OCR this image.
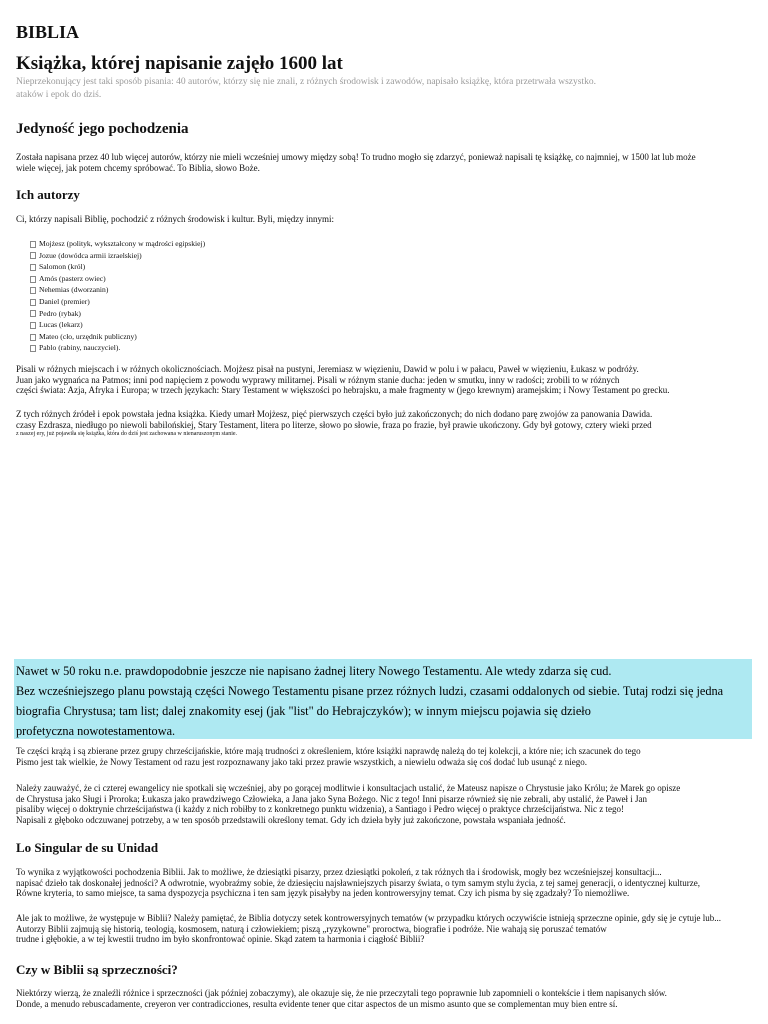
BIBLIA
Książka, której napisanie zajęło 1600 lat
Nieprzekonujący jest taki sposób pisania: 40 autorów, którzy się nie znali, z różnych środowisk i zawodów, napisało książkę, która przetrwała wszystko.
ataków i epok do dziś.
Jedyność jego pochodzenia

Została napisana przez 40 lub więcej autorów, którzy nie mieli wcześniej umowy między sobą! To trudno mogło się zdarzyć, ponieważ napisali tę książkę, co najmniej, w 1500 lat lub może
wiele więcej, jak potem chcemy spróbować. To Biblia, słowo Boże.

Ich autorzy

Ci, którzy napisali Biblię, pochodzić z różnych środowisk i kultur. Byli, między innymi:

Mojżesz (polityk, wykształcony w mądrości egipskiej)
Jozue (dowódca armii izraelskiej)
Salomon (król)
Amós (pasterz owiec)
Nehemias (dworzanin)
Daniel (premier)
Pedro (rybak)
Lucas (lekarz)
Mateo (cło, urzędnik publiczny)
Pablo (rabiny, nauczyciel).

Pisali w różnych miejscach i w różnych okolicznościach. Mojżesz pisał na pustyni, Jeremiasz w więzieniu, Dawid w polu i w pałacu, Paweł w więzieniu, Łukasz w podróży.
Juan jako wygnańca na Patmos; inni pod napięciem z powodu wyprawy militarnej. Pisali w różnym stanie ducha: jeden w smutku, inny w radości; zrobili to w różnych
części świata: Azja, Afryka i Europa; w trzech językach: Stary Testament w większości po hebrajsku, a małe fragmenty w (jego krewnym) aramejskim; i Nowy Testament po grecku.

Z tych różnych źródeł i epok powstała jedna książka. Kiedy umarł Mojżesz, pięć pierwszych części było już zakończonych; do nich dodano parę zwojów za panowania Dawida.
czasy Ezdrasza, niedługo po niewoli babilońskiej, Stary Testament, litera po literze, słowo po słowie, fraza po frazie, był prawie ukończony. Gdy był gotowy, cztery wieki przed
z naszej ery, już pojawiła się książka, która do dziś jest zachowana w nienaruszonym stanie.

Nawet w 50 roku n.e. prawdopodobnie jeszcze nie napisano żadnej litery Nowego Testamentu. Ale wtedy zdarza się cud.
Bez wcześniejszego planu powstają części Nowego Testamentu pisane przez różnych ludzi, czasami oddalonych od siebie. Tutaj rodzi się jedna
biografia Chrystusa; tam list; dalej znakomity esej (jak "list" do Hebrajczyków); w innym miejscu pojawia się dzieło
profetyczna nowotestamentowa.

Te części krążą i są zbierane przez grupy chrześcijańskie, które mają trudności z określeniem, które książki naprawdę należą do tej kolekcji, a które nie; ich szacunek do tego
Pismo jest tak wielkie, że Nowy Testament od razu jest rozpoznawany jako taki przez prawie wszystkich, a niewielu odważa się coś dodać lub usunąć z niego.

Należy zauważyć, że ci czterej ewangelicy nie spotkali się wcześniej, aby po gorącej modlitwie i konsultacjach ustalić, że Mateusz napisze o Chrystusie jako Królu; że Marek go opisze
de Chrystusa jako Sługi i Proroka; Łukasza jako prawdziwego Człowieka, a Jana jako Syna Bożego. Nic z tego! Inni pisarze również się nie zebrali, aby ustalić, że Paweł i Jan
pisaliby więcej o doktrynie chrześcijaństwa (i każdy z nich robiłby to z konkretnego punktu widzenia), a Santiago i Pedro więcej o praktyce chrześcijaństwa. Nic z tego!
Napisali z głęboko odczuwanej potrzeby, a w ten sposób przedstawili określony temat. Gdy ich dzieła były już zakończone, powstała wspaniała jedność.

Lo Singular de su Unidad

To wynika z wyjątkowości pochodzenia Biblii. Jak to możliwe, że dziesiątki pisarzy, przez dziesiątki pokoleń, z tak różnych tła i środowisk, mogły bez wcześniejszej konsultacji...
napisać dzieło tak doskonałej jedności? A odwrotnie, wyobraźmy sobie, że dziesięciu najsławniejszych pisarzy świata, o tym samym stylu życia, z tej samej generacji, o identycznej kulturze,
Równe kryteria, to samo miejsce, ta sama dyspozycja psychiczna i ten sam język pisałyby na jeden kontrowersyjny temat. Czy ich pisma by się zgadzały? To niemożliwe.

Ale jak to możliwe, że występuje w Biblii? Należy pamiętać, że Biblia dotyczy setek kontrowersyjnych tematów (w przypadku których oczywiście istnieją sprzeczne opinie, gdy się je cytuje lub...
Autorzy Biblii zajmują się historią, teologią, kosmosem, naturą i człowiekiem; piszą „ryzykowne" proroctwa, biografie i podróże. Nie wahają się poruszać tematów
trudne i głębokie, a w tej kwestii trudno im było skonfrontować opinie. Skąd zatem ta harmonia i ciągłość Biblii?

Czy w Biblii są sprzeczności?

Niektórzy wierzą, że znaleźli różnice i sprzeczności (jak później zobaczymy), ale okazuje się, że nie przeczytali tego poprawnie lub zapomnieli o kontekście i tłem napisanych słów.
Donde, a menudo rebuscadamente, creyeron ver contradicciones, resulta evidente tener que citar aspectos de un mismo asunto que se complementan muy bien entre sí.
